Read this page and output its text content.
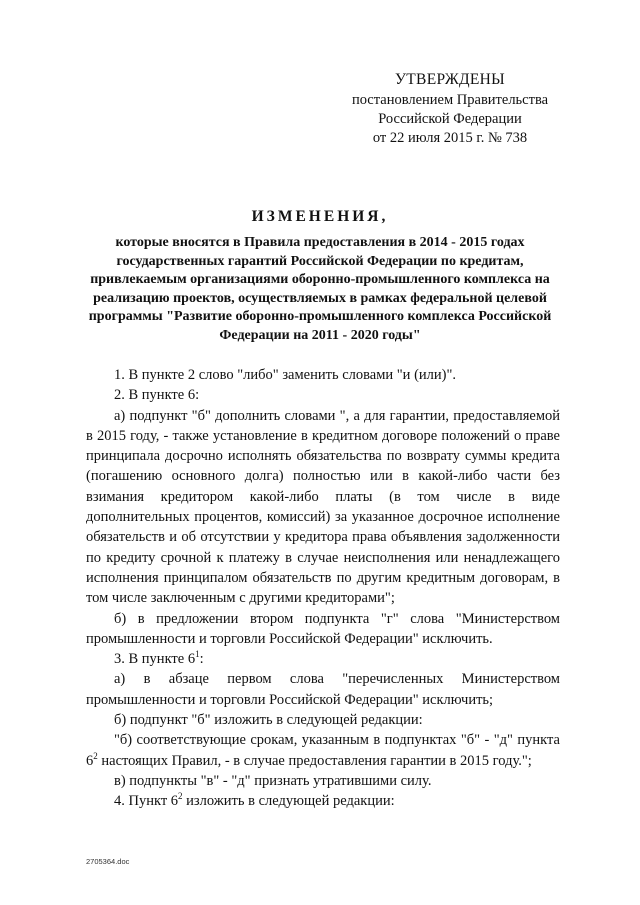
УТВЕРЖДЕНЫ
постановлением Правительства
Российской Федерации
от 22 июля 2015 г. № 738
ИЗМЕНЕНИЯ,
которые вносятся в Правила предоставления в 2014 - 2015 годах государственных гарантий Российской Федерации по кредитам, привлекаемым организациями оборонно-промышленного комплекса на реализацию проектов, осуществляемых в рамках федеральной целевой программы "Развитие оборонно-промышленного комплекса Российской Федерации на 2011 - 2020 годы"

1. В пункте 2 слово "либо" заменить словами "и (или)".

2. В пункте 6:

а) подпункт "б" дополнить словами ", а для гарантии, предоставляемой в 2015 году, - также установление в кредитном договоре положений о праве принципала досрочно исполнять обязательства по возврату суммы кредита (погашению основного долга) полностью или в какой-либо части без взимания кредитором какой-либо платы (в том числе в виде дополнительных процентов, комиссий) за указанное досрочное исполнение обязательств и об отсутствии у кредитора права объявления задолженности по кредиту срочной к платежу в случае неисполнения или ненадлежащего исполнения принципалом обязательств по другим кредитным договорам, в том числе заключенным с другими кредиторами";

б) в предложении втором подпункта "г" слова "Министерством промышленности и торговли Российской Федерации" исключить.

3. В пункте $6^1$:

а) в абзаце первом слова "перечисленных Министерством промышленности и торговли Российской Федерации" исключить;

б) подпункт "б" изложить в следующей редакции:

"б) соответствующие срокам, указанным в подпунктах "б" - "д" пункта $6^2$ настоящих Правил, - в случае предоставления гарантии в 2015 году.";

в) подпункты "в" - "д" признать утратившими силу.

4. Пункт $6^2$ изложить в следующей редакции:

2705364.doc
